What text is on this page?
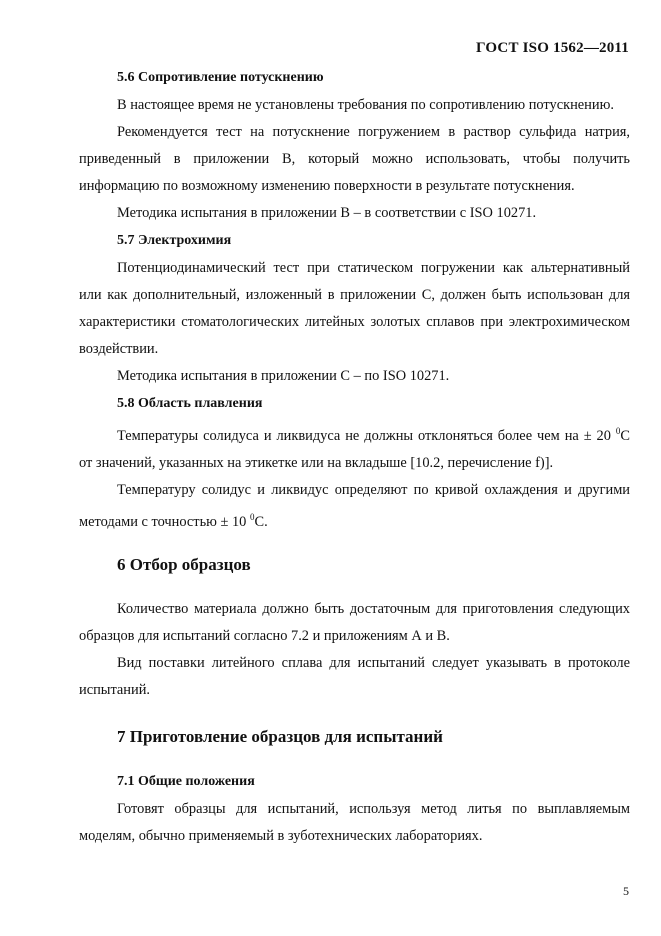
ГОСТ ISO 1562—2011
5.6 Сопротивление потускнению

В настоящее время не установлены требования по сопротивлению потускнению.

Рекомендуется тест на потускнение погружением в раствор сульфида натрия, приведенный в приложении В, который можно использовать, чтобы получить информацию по возможному изменению поверхности в результате потускнения.

Методика испытания в приложении В – в соответствии с ISO 10271.

5.7 Электрохимия

Потенциодинамический тест при статическом погружении как альтернативный или как дополнительный, изложенный в приложении С, должен быть использован для характеристики стоматологических литейных золотых сплавов при электрохимическом воздействии.

Методика испытания в приложении С – по ISO 10271.

5.8 Область плавления

Температуры солидуса и ликвидуса не должны отклоняться более чем на ± 20 $^0$С от значений, указанных на этикетке или на вкладыше [10.2, перечисление f)].

Температуру солидус и ликвидус определяют по кривой охлаждения и другими методами с точностью ± 10 $^0$С.

6 Отбор образцов

Количество материала должно быть достаточным для приготовления следующих образцов для испытаний согласно 7.2 и приложениям А и В.

Вид поставки литейного сплава для испытаний следует указывать в протоколе испытаний.

7 Приготовление образцов для испытаний
7.1 Общие положения

Готовят образцы для испытаний, используя метод литья по выплавляемым моделям, обычно применяемый в зуботехнических лабораториях.

5
